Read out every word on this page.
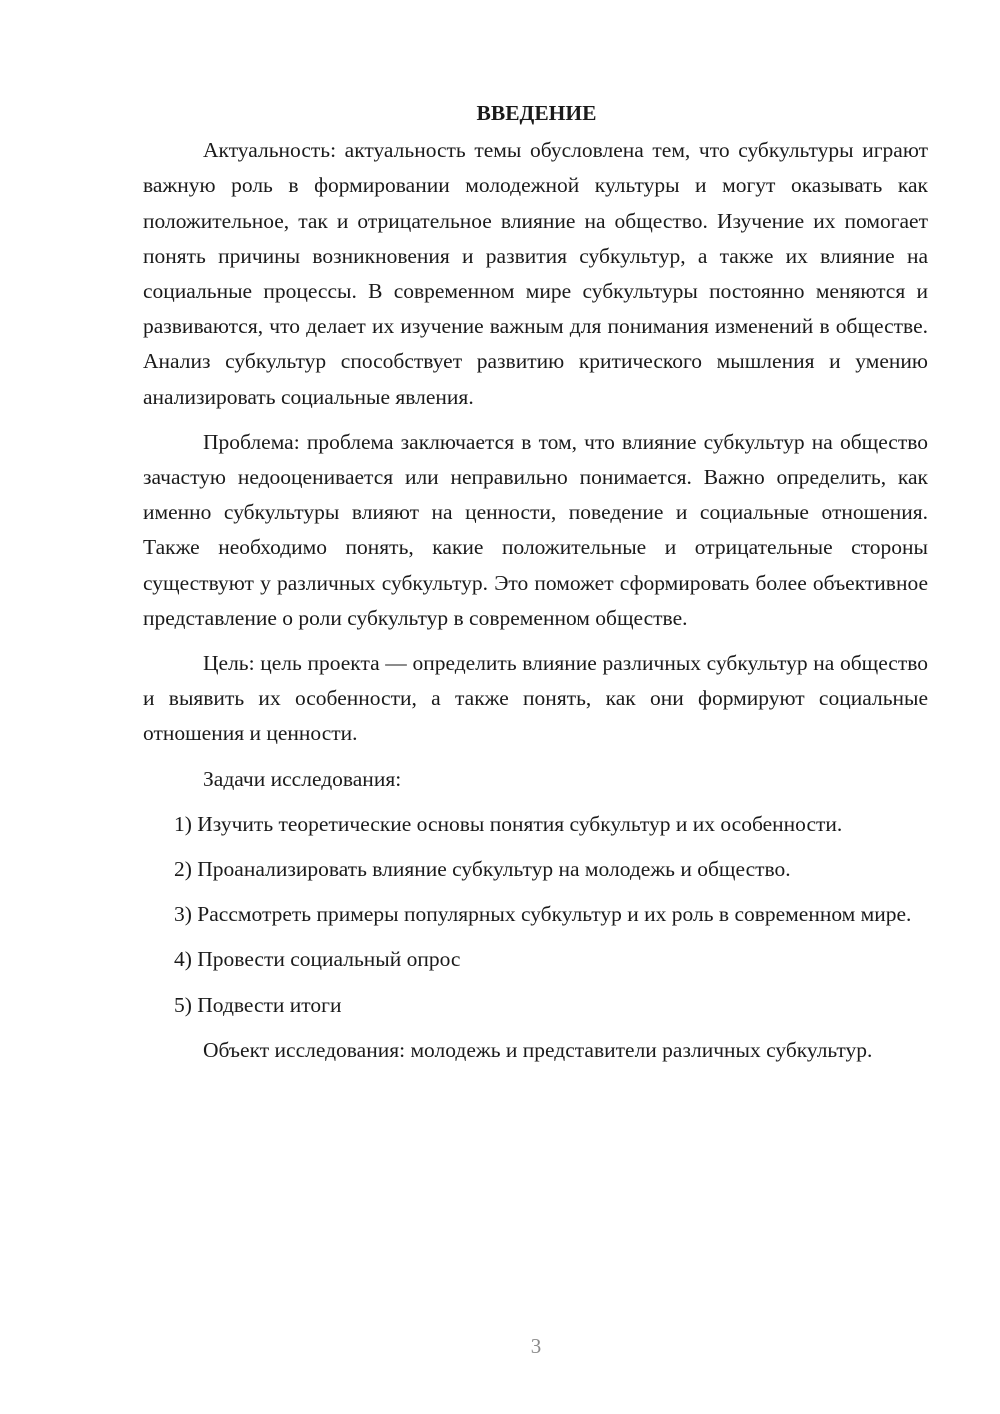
ВВЕДЕНИЕ

Актуальность: актуальность темы обусловлена тем, что субкультуры играют важную роль в формировании молодежной культуры и могут оказывать как положительное, так и отрицательное влияние на общество. Изучение их помогает понять причины возникновения и развития субкультур, а также их влияние на социальные процессы. В современном мире субкультуры постоянно меняются и развиваются, что делает их изучение важным для понимания изменений в обществе. Анализ субкультур способствует развитию критического мышления и умению анализировать социальные явления.

Проблема: проблема заключается в том, что влияние субкультур на общество зачастую недооценивается или неправильно понимается. Важно определить, как именно субкультуры влияют на ценности, поведение и социальные отношения. Также необходимо понять, какие положительные и отрицательные стороны существуют у различных субкультур. Это поможет сформировать более объективное представление о роли субкультур в современном обществе.

Цель: цель проекта — определить влияние различных субкультур на общество и выявить их особенности, а также понять, как они формируют социальные отношения и ценности.

Задачи исследования:

1) Изучить теоретические основы понятия субкультур и их особенности.

2) Проанализировать влияние субкультур на молодежь и общество.

3) Рассмотреть примеры популярных субкультур и их роль в современном мире.

4) Провести социальный опрос

5) Подвести итоги

Объект исследования: молодежь и представители различных субкультур.

3
